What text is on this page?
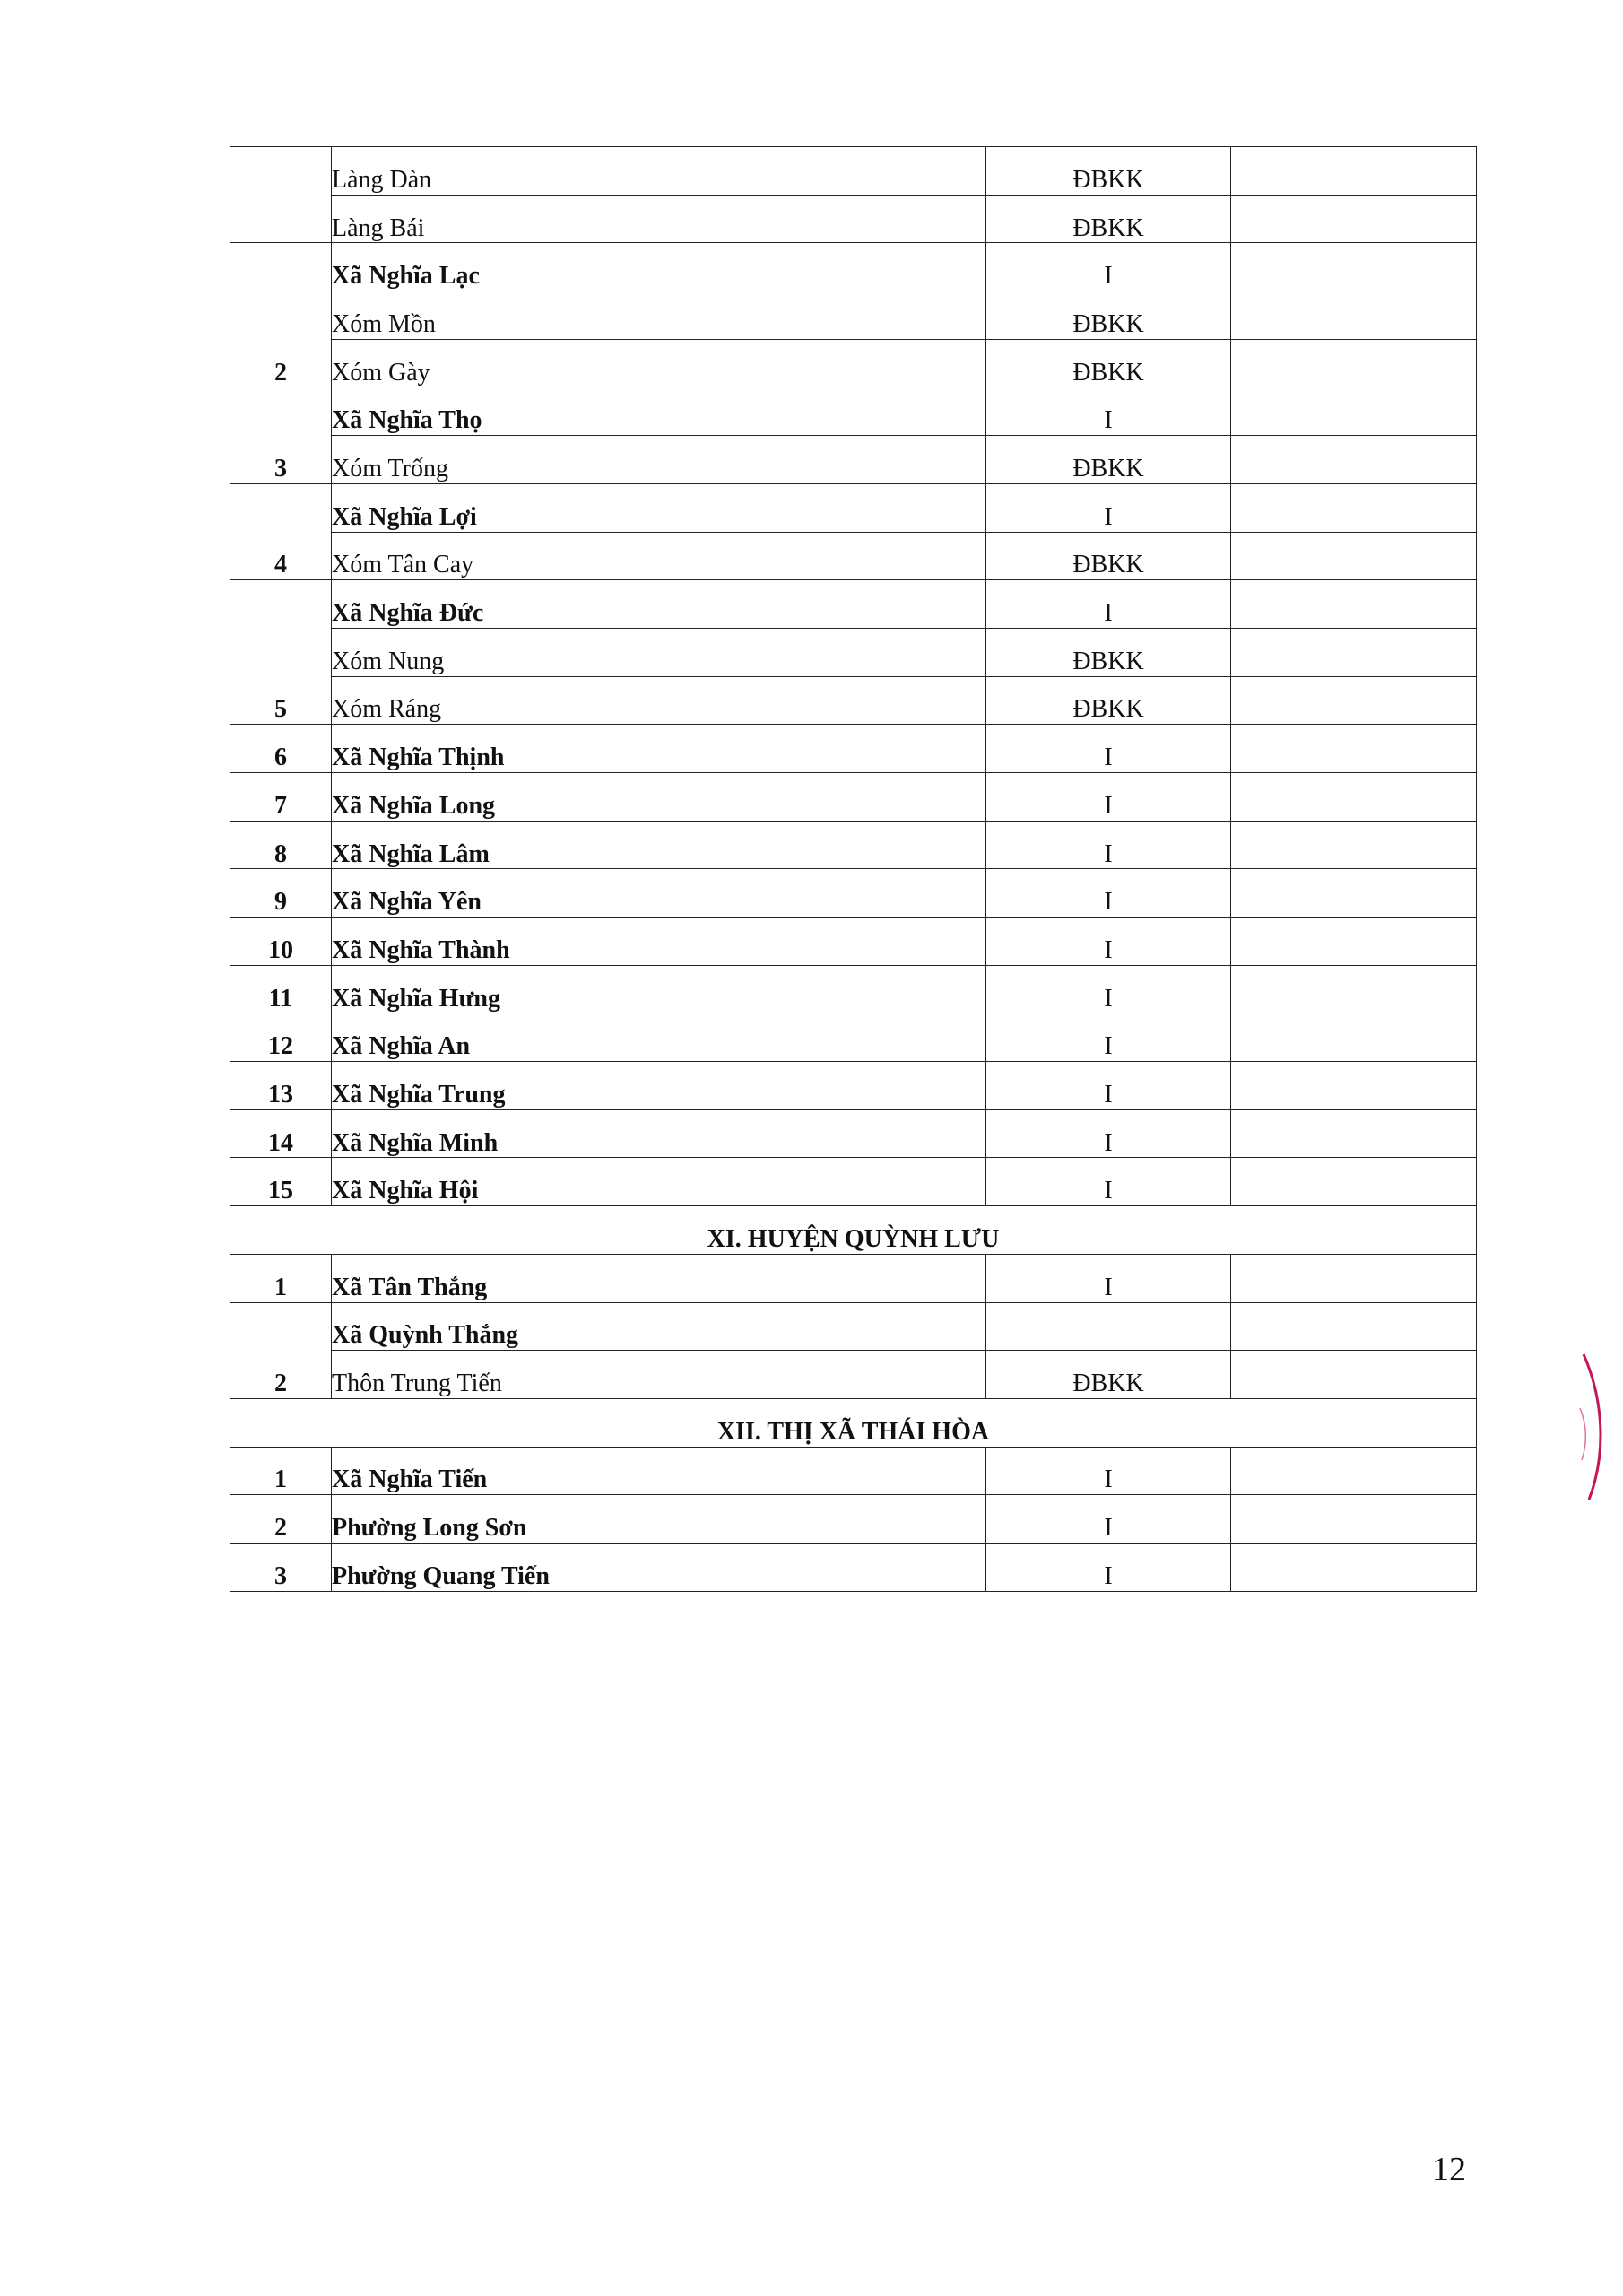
	Làng Dàn	ĐBKK	
	Làng Bái	ĐBKK	
2	Xã Nghĩa Lạc	I	
	Xóm Mồn	ĐBKK	
	Xóm Gày	ĐBKK	
3	Xã Nghĩa Thọ	I	
	Xóm Trống	ĐBKK	
4	Xã Nghĩa Lợi	I	
	Xóm Tân Cay	ĐBKK	
5	Xã Nghĩa Đức	I	
	Xóm Nung	ĐBKK	
	Xóm Ráng	ĐBKK	
6	Xã Nghĩa Thịnh	I	
7	Xã Nghĩa Long	I	
8	Xã Nghĩa Lâm	I	
9	Xã Nghĩa Yên	I	
10	Xã Nghĩa Thành	I	
11	Xã Nghĩa Hưng	I	
12	Xã Nghĩa An	I	
13	Xã Nghĩa Trung	I	
14	Xã Nghĩa Minh	I	
15	Xã Nghĩa Hội	I	
XI. HUYỆN QUỲNH LƯU			
1	Xã Tân Thắng	I	
2	Xã Quỳnh Thắng		
	Thôn Trung Tiến	ĐBKK	
XII. THỊ XÃ THÁI HÒA			
1	Xã Nghĩa Tiến	I	
2	Phường Long Sơn	I	
3	Phường Quang Tiến	I	
12
